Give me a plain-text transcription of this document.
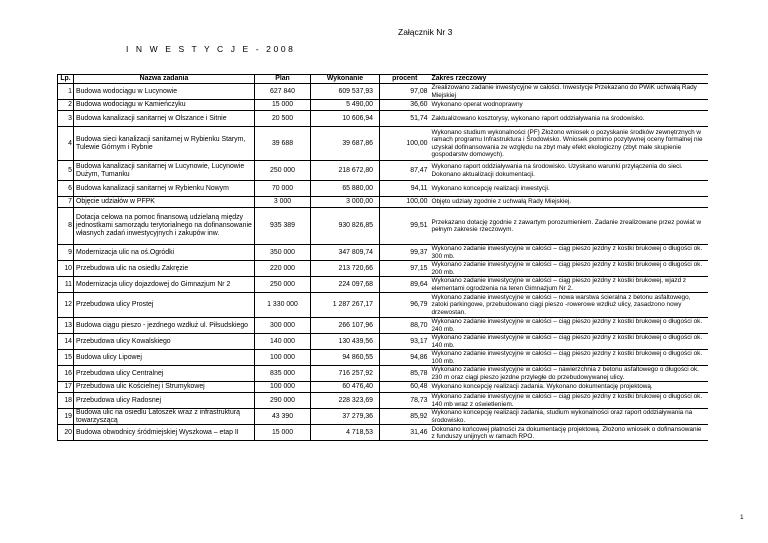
Załącznik Nr 3
I N W E S T Y C J E - 2008
Lp.	Nazwa zadania	Plan	Wykonanie	procent	Zakres rzeczowy
1	Budowa wodociągu w Lucynowie	627 840	609 537,93	97,08	Zrealizowano zadanie inwestycyjne w całości. Inwestycje Przekazano do PWiK uchwałą Rady Miejskiej
2	Budowa wodociągu w Kamieńczyku	15 000	5 490,00	36,60	Wykonano operat wodnoprawny
3	Budowa kanalizacji sanitarnej w Olszance i Sitnie	20 500	10 606,94	51,74	Zaktualizowano kosztorysy, wykonano raport oddziaływania na środowisko.
4	Budowa sieci kanalizacji sanitarnej w Rybienku Starym, Tulewie Górnym i Rybnie	39 688	39 687,86	100,00	Wykonano studium wykonalności (PF) Złożono wniosek o pozyskanie środków zewnętrznych w ramach programu Infrastruktura i Środowisko. Wniosek pomimo pozytywnej oceny formalnej nie uzyskał dofinansowania ze względu na zbyt mały efekt ekologiczny (zbyt małe skupienie gospodarstw domowych).
5	Budowa kanalizacji sanitarnej w Lucynowie, Lucynowie Dużym, Tumanku	250 000	218 672,80	87,47	Wykonano raport oddziaływania na środowisko. Uzyskano warunki przyłączenia do sieci. Dokonano aktualizacji dokumentacji.
6	Budowa kanalizacji sanitarnej w Rybienku Nowym	70 000	65 880,00	94,11	Wykonano koncepcję realizacji inwestycji.
7	Objęcie udziałów w PFPK	3 000	3 000,00	100,00	Objęto udziały zgodnie z uchwałą Rady Miejskiej.
8	Dotacja celowa na pomoc finansową udzielaną między jednostkami samorządu terytorialnego na dofinansowanie własnych zadań inwestycyjnych i zakupów inw.	935 389	930 826,85	99,51	Przekazano dotację zgodnie z zawartym porozumieniem. Zadanie zrealizowane przez powiat w pełnym zakresie rzeczowym.
9	Modernizacja ulic na oś.Ogródki	350 000	347 809,74	99,37	Wykonano zadanie inwestycyjne w całości – ciąg pieszo jezdny z kostki brukowej o długości ok. 300 mb.
10	Przebudowa ulic na osiedlu Zakręzie	220 000	213 720,66	97,15	Wykonano zadanie inwestycyjne w całości – ciąg pieszo jezdny z kostki brukowej o długości ok. 200 mb.
11	Modernizacja ulicy dojazdowej do Gimnazjum Nr 2	250 000	224 097,68	89,64	Wykonano zadanie inwestycyjne w całości – ciąg pieszo jezdny z kostki brukowej, wjazd z elementami ogrodzenia na teren Gimnazjum Nr 2.
12	Przebudowa ulicy Prostej	1 330 000	1 287 267,17	96,79	Wykonano zadanie inwestycyjne w całości – nowa warstwa ścieralna z betonu asfaltowego, zatoki parkingowe, przebudowano ciągi pieszo -rowerowe wzdłuż ulicy, zasadzono nowy drzewostan.
13	Budowa ciągu pieszo - jezdnego wzdłuż ul. Piłsudskiego	300 000	266 107,96	88,70	Wykonano zadanie inwestycyjne w całości – ciąg pieszo jezdny z kostki brukowej o długości ok. 240 mb.
14	Przebudowa ulicy Kowalskiego	140 000	130 439,56	93,17	Wykonano zadanie inwestycyjne w całości – ciąg pieszo jezdny z kostki brukowej o długości ok. 140 mb.
15	Budowa ulicy Lipowej	100 000	94 860,55	94,86	Wykonano zadanie inwestycyjne w całości – ciąg pieszo jezdny z kostki brukowej o długości ok. 100 mb.
16	Przebudowa ulicy Centralnej	835 000	716 257,92	85,78	Wykonano zadanie inwestycyjne w całości – nawierzchnia z betonu asfaltowego o długości ok. 230 m oraz ciągi pieszo jezdne przyległe do przebudowywanej ulicy.
17	Przebudowa ulic Kościelnej i Strumykowej	100 000	60 476,40	60,48	Wykonano koncepcję realizacji zadania. Wykonano dokumentację projektową.
18	Przebudowa ulicy Radosnej	290 000	228 323,69	78,73	Wykonano zadanie inwestycyjne w całości – ciąg pieszo jezdny z kostki brukowej o długości ok. 140 mb wraz z oświetleniem.
19	Budowa ulic na osiedlu Latoszek wraz z infrastrukturą towarzyszącą	43 390	37 279,36	85,92	Wykonano koncepcję realizacji zadania, studium wykonalności oraz raport oddziaływania na środowisko.
20	Budowa obwodnicy śródmiejskiej Wyszkowa – etap II	15 000	4 718,53	31,46	Dokonano końcowej płatności za dokumentację projektową. Złożono wniosek o dofinansowanie z funduszy unijnych w ramach RPO.
1
